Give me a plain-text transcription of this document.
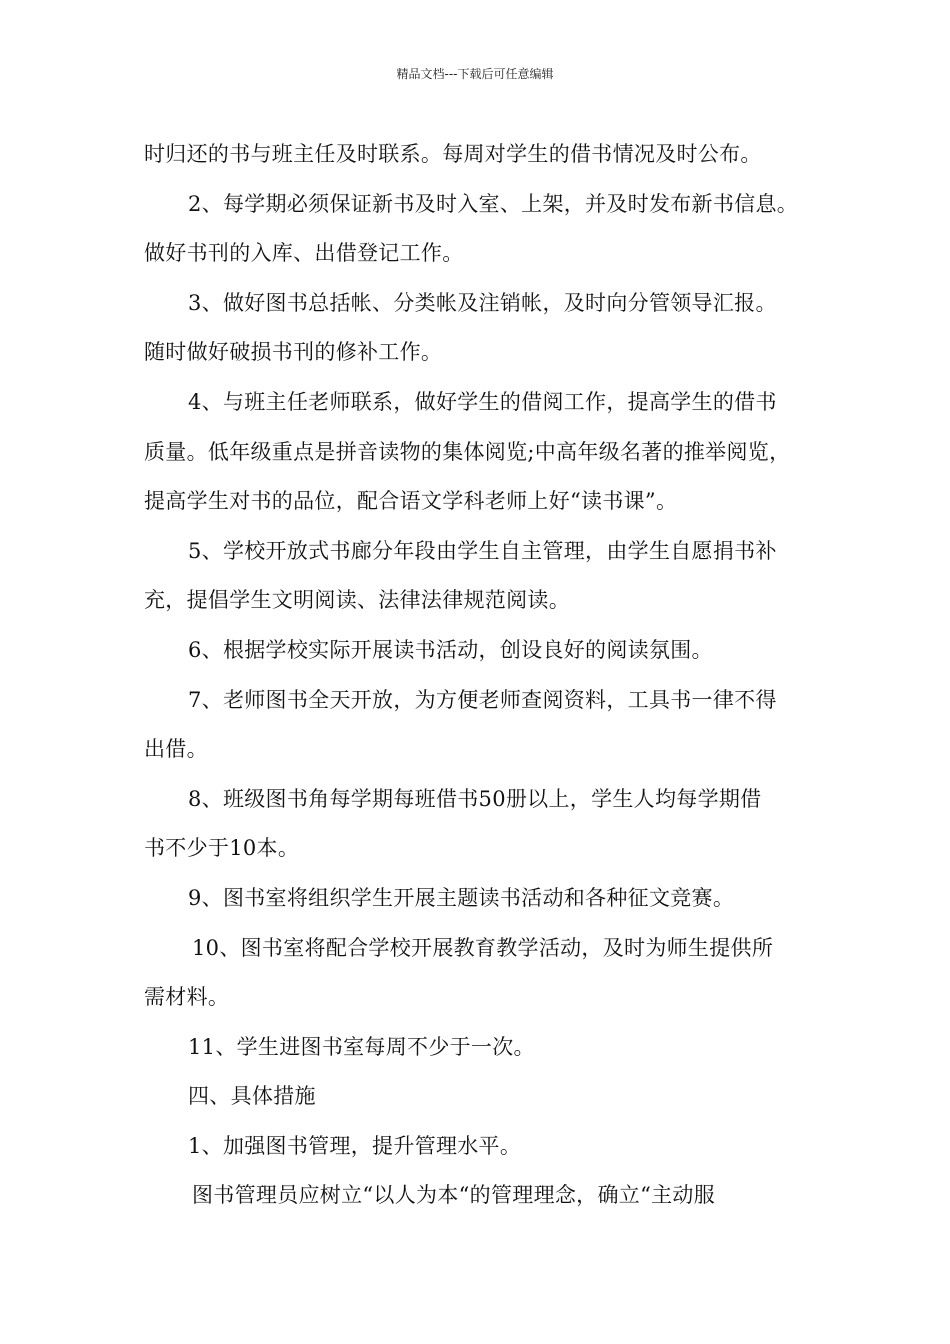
精品文档---下载后可任意编辑
时归还的书与班主任及时联系。每周对学生的借书情况及时公布。
2、每学期必须保证新书及时入室、上架，并及时发布新书信息。
做好书刊的入库、出借登记工作。
3、做好图书总括帐、分类帐及注销帐，及时向分管领导汇报。
随时做好破损书刊的修补工作。
4、与班主任老师联系，做好学生的借阅工作，提高学生的借书
质量。低年级重点是拼音读物的集体阅览;中高年级名著的推举阅览，
提高学生对书的品位，配合语文学科老师上好“读书课”。
5、学校开放式书廊分年段由学生自主管理，由学生自愿捐书补
充，提倡学生文明阅读、法律法律规范阅读。
6、根据学校实际开展读书活动，创设良好的阅读氛围。
7、老师图书全天开放，为方便老师查阅资料，工具书一律不得
出借。
8、班级图书角每学期每班借书50册以上，学生人均每学期借
书不少于10本。
9、图书室将组织学生开展主题读书活动和各种征文竞赛。
10、图书室将配合学校开展教育教学活动，及时为师生提供所
需材料。
11、学生进图书室每周不少于一次。
四、具体措施
1、加强图书管理，提升管理水平。
图书管理员应树立“以人为本“的管理理念，确立“主动服
